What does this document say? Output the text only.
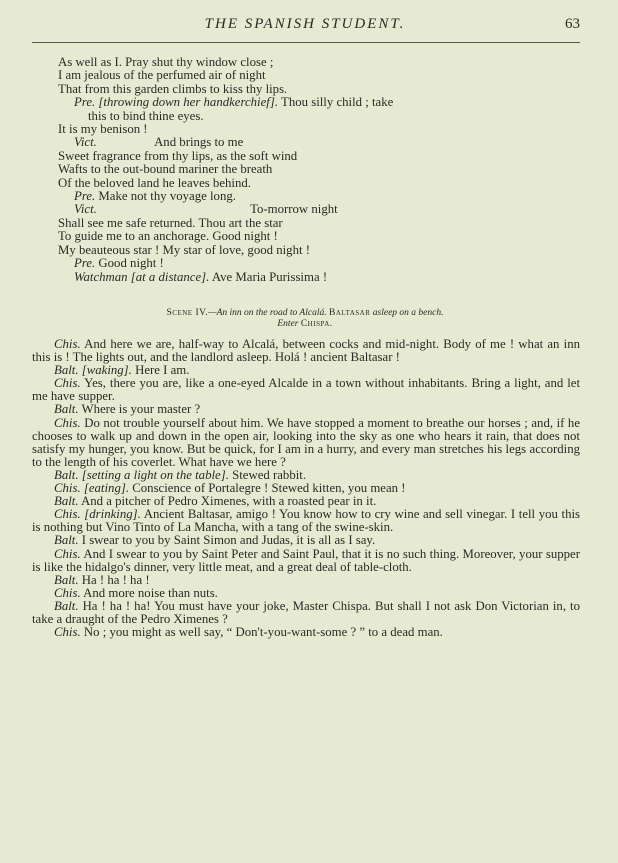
THE SPANISH STUDENT.	63
As well as I. Pray shut thy window close ;
I am jealous of the perfumed air of night
That from this garden climbs to kiss thy lips.
Pre. [throwing down her handkerchief]. Thou silly child ; take
this to bind thine eyes.
It is my benison !
Vict.	And brings to me
Sweet fragrance from thy lips, as the soft wind
Wafts to the out-bound mariner the breath
Of the beloved land he leaves behind.
Pre. Make not thy voyage long.
Vict.	To-morrow night
Shall see me safe returned. Thou art the star
To guide me to an anchorage. Good night !
My beauteous star ! My star of love, good night !
Pre. Good night !
Watchman [at a distance]. Ave Maria Purissima !
Scene IV.—An inn on the road to Alcalá. Baltasar asleep on a bench.
Enter Chispa.

Chis. And here we are, half-way to Alcalá, between cocks and mid-night. Body of me ! what an inn this is ! The lights out, and the landlord asleep. Holá ! ancient Baltasar !

Balt. [waking]. Here I am.

Chis. Yes, there you are, like a one-eyed Alcalde in a town without inhabitants. Bring a light, and let me have supper.

Balt. Where is your master ?

Chis. Do not trouble yourself about him. We have stopped a moment to breathe our horses ; and, if he chooses to walk up and down in the open air, looking into the sky as one who hears it rain, that does not satisfy my hunger, you know. But be quick, for I am in a hurry, and every man stretches his legs according to the length of his coverlet. What have we here ?

Balt. [setting a light on the table]. Stewed rabbit.

Chis. [eating]. Conscience of Portalegre ! Stewed kitten, you mean !

Balt. And a pitcher of Pedro Ximenes, with a roasted pear in it.

Chis. [drinking]. Ancient Baltasar, amigo ! You know how to cry wine and sell vinegar. I tell you this is nothing but Vino Tinto of La Mancha, with a tang of the swine-skin.

Balt. I swear to you by Saint Simon and Judas, it is all as I say.

Chis. And I swear to you by Saint Peter and Saint Paul, that it is no such thing. Moreover, your supper is like the hidalgo's dinner, very little meat, and a great deal of table-cloth.

Balt. Ha ! ha ! ha !

Chis. And more noise than nuts.

Balt. Ha ! ha ! ha! You must have your joke, Master Chispa. But shall I not ask Don Victorian in, to take a draught of the Pedro Ximenes ?

Chis. No ; you might as well say, “ Don't-you-want-some ? ” to a dead man.
